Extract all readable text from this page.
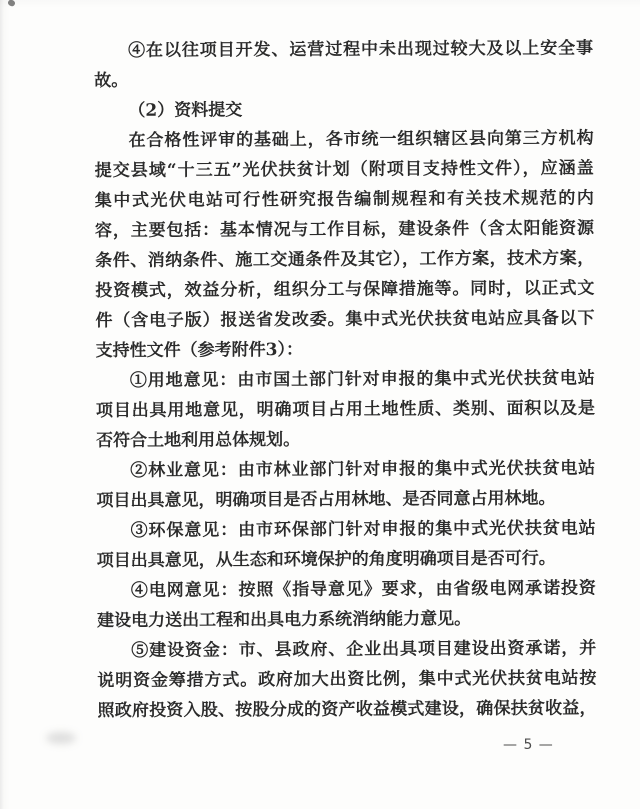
④在以往项目开发、运营过程中未出现过较大及以上安全事
故。
（2）资料提交
在合格性评审的基础上，各市统一组织辖区县向第三方机构
提交县域“十三五”光伏扶贫计划（附项目支持性文件），应涵盖
集中式光伏电站可行性研究报告编制规程和有关技术规范的内
容，主要包括：基本情况与工作目标，建设条件（含太阳能资源
条件、消纳条件、施工交通条件及其它），工作方案，技术方案，
投资模式，效益分析，组织分工与保障措施等。同时，以正式文
件（含电子版）报送省发改委。集中式光伏扶贫电站应具备以下
支持性文件（参考附件3）：
①用地意见：由市国土部门针对申报的集中式光伏扶贫电站
项目出具用地意见，明确项目占用土地性质、类别、面积以及是
否符合土地利用总体规划。
②林业意见：由市林业部门针对申报的集中式光伏扶贫电站
项目出具意见，明确项目是否占用林地、是否同意占用林地。
③环保意见：由市环保部门针对申报的集中式光伏扶贫电站
项目出具意见，从生态和环境保护的角度明确项目是否可行。
④电网意见：按照《指导意见》要求，由省级电网承诺投资
建设电力送出工程和出具电力系统消纳能力意见。
⑤建设资金：市、县政府、企业出具项目建设出资承诺，并
说明资金筹措方式。政府加大出资比例，集中式光伏扶贫电站按
照政府投资入股、按股分成的资产收益模式建设，确保扶贫收益，
— 5 —
